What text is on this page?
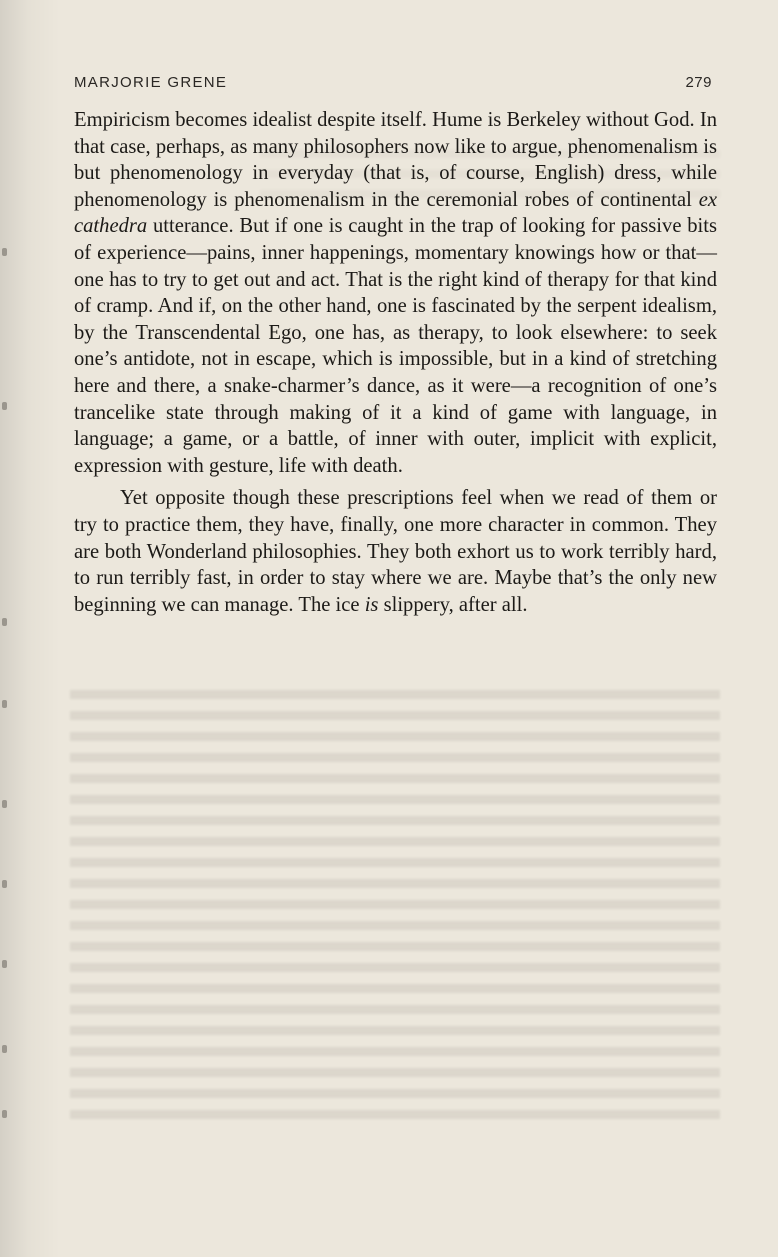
MARJORIE GRENE	279

Empiricism becomes idealist despite itself. Hume is Berkeley without God. In that case, perhaps, as many philosophers now like to argue, phenomenalism is but phenomenology in everyday (that is, of course, English) dress, while phenomenology is phenomenalism in the ceremonial robes of continental ex cathedra utterance. But if one is caught in the trap of looking for passive bits of experience—pains, inner happenings, momentary knowings how or that—one has to try to get out and act. That is the right kind of therapy for that kind of cramp. And if, on the other hand, one is fascinated by the serpent idealism, by the Transcendental Ego, one has, as therapy, to look elsewhere: to seek one’s antidote, not in escape, which is impossible, but in a kind of stretching here and there, a snake-charmer’s dance, as it were—a recognition of one’s trancelike state through making of it a kind of game with language, in language; a game, or a battle, of inner with outer, implicit with explicit, expression with gesture, life with death.

Yet opposite though these prescriptions feel when we read of them or try to practice them, they have, finally, one more character in common. They are both Wonderland philosophies. They both exhort us to work terribly hard, to run terribly fast, in order to stay where we are. Maybe that’s the only new beginning we can manage. The ice is slippery, after all.
